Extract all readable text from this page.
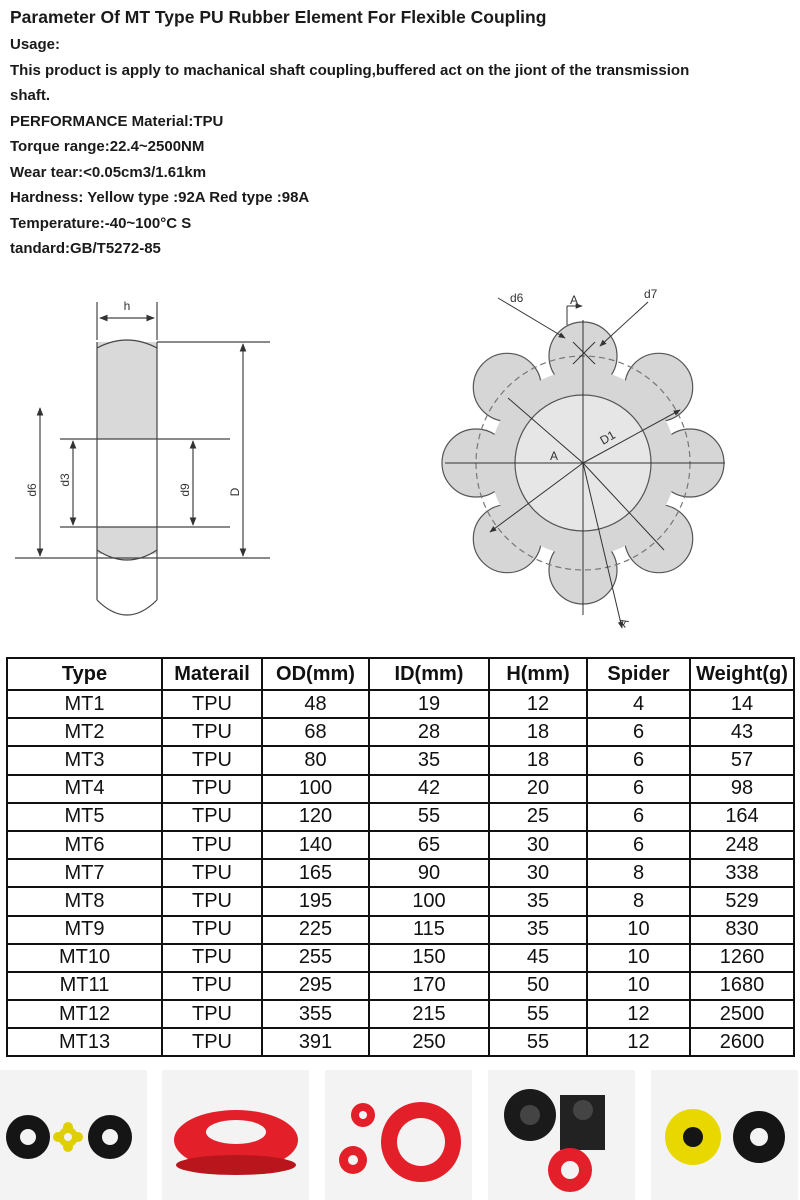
Parameter Of MT Type PU Rubber Element For Flexible Coupling

Usage:

This product is apply to machanical shaft coupling,buffered act on the jiont of the transmission

shaft.

PERFORMANCE Material:TPU

Torque range:22.4~2500NM

Wear tear:<0.05cm3/1.61km

Hardness: Yellow type :92A Red type :98A

Temperature:-40~100°C S

tandard:GB/T5272-85

h
d6
d3
d9	D
d6	A	d7
D1
A
A
Type	Materail	OD(mm)	ID(mm)	H(mm)	Spider	Weight(g)
MT1	TPU	48	19	12	4	14
MT2	TPU	68	28	18	6	43
MT3	TPU	80	35	18	6	57
MT4	TPU	100	42	20	6	98
MT5	TPU	120	55	25	6	164
MT6	TPU	140	65	30	6	248
MT7	TPU	165	90	30	8	338
MT8	TPU	195	100	35	8	529
MT9	TPU	225	115	35	10	830
MT10	TPU	255	150	45	10	1260
MT11	TPU	295	170	50	10	1680
MT12	TPU	355	215	55	12	2500
MT13	TPU	391	250	55	12	2600
